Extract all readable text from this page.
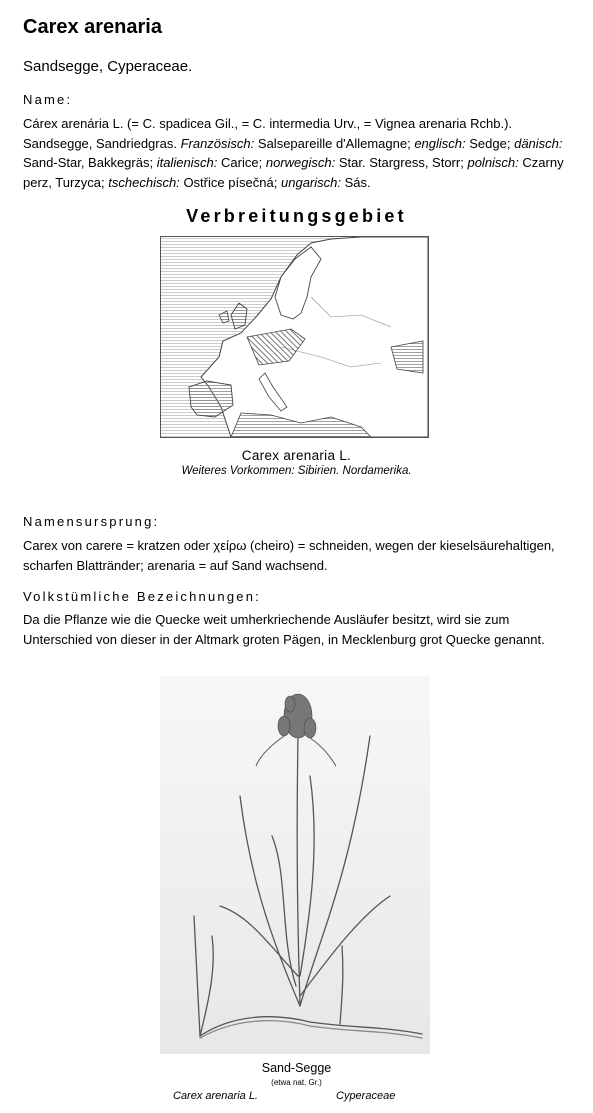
Carex arenaria
Sandsegge, Cyperaceae.
Name:
Cárex arenária L. (= C. spadicea Gil., = C. intermedia Urv., = Vignea arenaria Rchb.). Sandsegge, Sandriedgras. Französisch: Salsepareille d'Allemagne; englisch: Sedge; dänisch: Sand-Star, Bakkegräs; italienisch: Carice; norwegisch: Star. Stargress, Storr; polnisch: Czarny perz, Turzyca; tschechisch: Ostřice písečná; ungarisch: Sás.
Verbreitungsgebiet
Carex arenaria L.
Weiteres Vorkommen: Sibirien. Nordamerika.
Namensursprung:
Carex von carere = kratzen oder χείρω (cheiro) = schneiden, wegen der kieselsäurehaltigen, scharfen Blattränder; arenaria = auf Sand wachsend.
Volkstümliche Bezeichnungen:
Da die Pflanze wie die Quecke weit umherkriechende Ausläufer besitzt, wird sie zum Unterschied von dieser in der Altmark groten Pägen, in Mecklenburg grot Quecke genannt.
Sand-Segge
(etwa nat. Gr.)
Carex arenaria L.	Cyperaceae
